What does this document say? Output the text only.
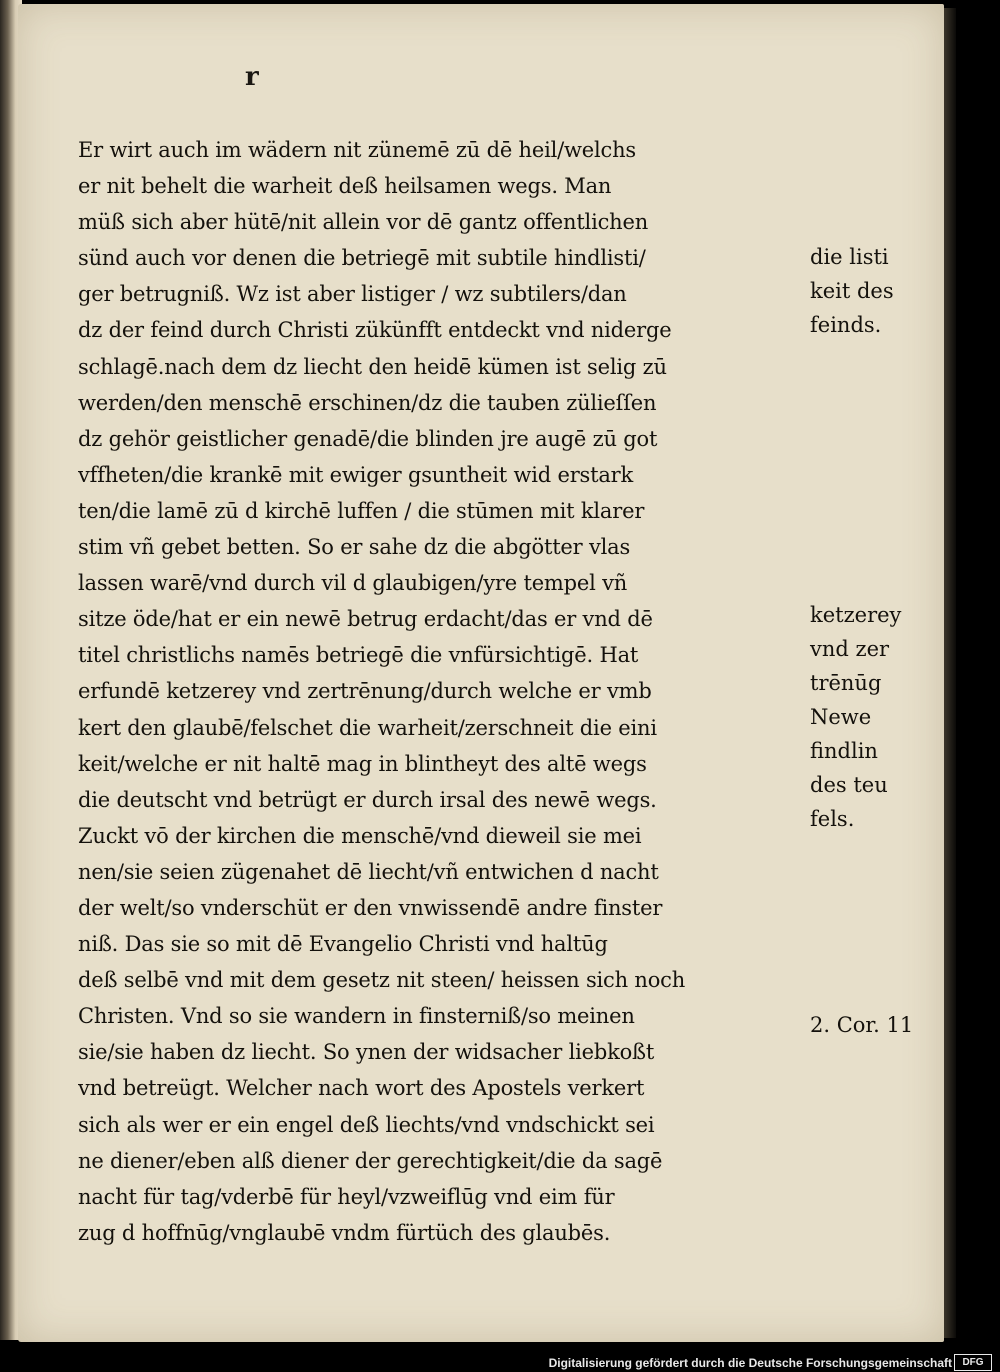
r
Er wirt auch im wädern nit zünemē zū dē heil/welchs
er nit behelt die warheit deß heilsamen wegs. Man
müß sich aber hütē/nit allein vor dē gantz offentlichen
sünd auch vor denen die betriegē mit subtile hindlisti/
ger betrugniß. Wz ist aber listiger / wz subtilers/dan
dz der feind durch Christi zükünfft entdeckt vnd niderge
schlagē.nach dem dz liecht den heidē kümen ist selig zū
werden/den menschē erschinen/dz die tauben zülieſſen
dz gehör geistlicher genadē/die blinden jre augē zū got
vffheten/die krankē mit ewiger gsuntheit wid erstark
ten/die lamē zū d kirchē luffen / die stūmen mit klarer
stim vñ gebet betten. So er sahe dz die abgötter vlas
lassen warē/vnd durch vil d glaubigen/yre tempel vñ
sitze öde/hat er ein newē betrug erdacht/das er vnd dē
titel christlichs namēs betriegē die vnfürsichtigē. Hat
erfundē ketzerey vnd zertrēnung/durch welche er vmb
kert den glaubē/felschet die warheit/zerschneit die eini
keit/welche er nit haltē mag in blintheyt des altē wegs
die deutscht vnd betrügt er durch irsal des newē wegs.
Zuckt vō der kirchen die menschē/vnd dieweil sie mei
nen/sie seien zügenahet dē liecht/vñ entwichen d nacht
der welt/so vnderschüt er den vnwissendē andre finster
niß. Das sie so mit dē Evangelio Christi vnd haltūg
deß selbē vnd mit dem gesetz nit steen/ heissen sich noch
Christen. Vnd so sie wandern in finsterniß/so meinen
sie/sie haben dz liecht. So ynen der widsacher liebkoßt
vnd betreügt. Welcher nach wort des Apostels verkert
sich als wer er ein engel deß liechts/vnd vndschickt sei
ne diener/eben alß diener der gerechtigkeit/die da sagē
nacht für tag/vderbē für heyl/vzweiflūg vnd eim für
zug d hoffnūg/vnglaubē vndm fürtüch des glaubēs.
die listi
keit des
feinds.
ketzerey
vnd zer
trēnūg
Newe
findlin
des teu
fels.
2. Cor. 11
Digitalisierung gefördert durch die Deutsche Forschungsgemeinschaft	DFG
